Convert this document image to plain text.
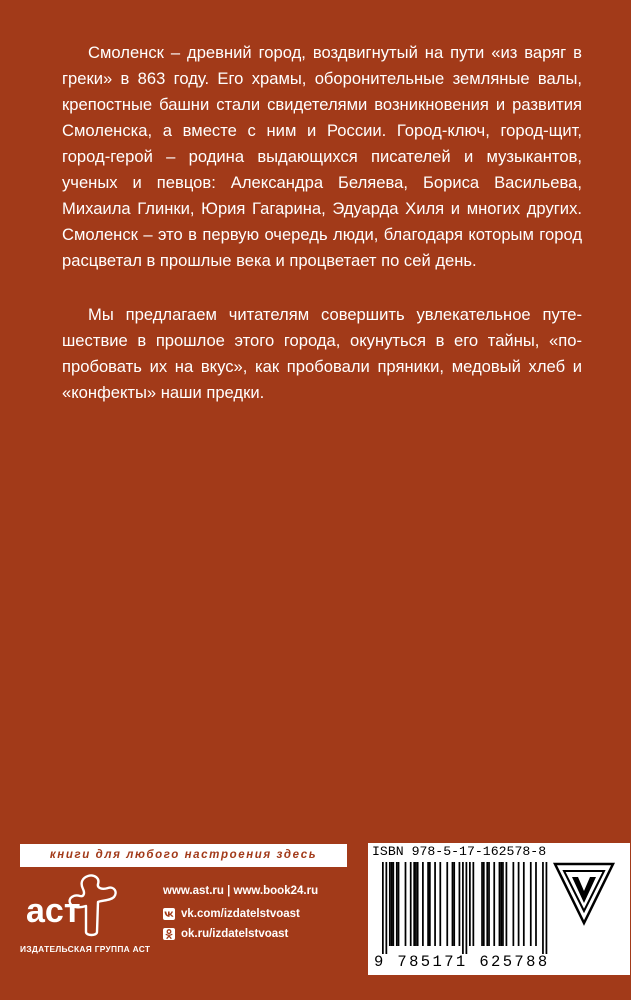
Смоленск – древний город, воздвигнутый на пути «из варяг в греки» в 863 году. Его храмы, оборонительные земляные валы, крепостные башни стали свидетелями возникновения и развития Смоленска, а вместе с ним и России. Город-ключ, город-щит, город-герой – родина выдающихся писателей и музыкантов, ученых и певцов: Александра Беляева, Бориса Васильева, Михаила Глинки, Юрия Гагарина, Эдуарда Хиля и многих других. Смоленск – это в первую очередь люди, благодаря которым город расцветал в прошлые века и процветает по сей день.

Мы предлагаем читателям совершить увлекательное путешествие в прошлое этого города, окунуться в его тайны, «попробовать их на вкус», как пробовали пряники, медовый хлеб и «конфекты» наши предки.

книги для любого настроения здесь
аст
ИЗДАТЕЛЬСКАЯ ГРУППА АСТ
www.ast.ru | www.book24.ru
vk.com/izdatelstvoast
ok.ru/izdatelstvoast
ISBN 978-5-17-162578-8
9 785171 625788
